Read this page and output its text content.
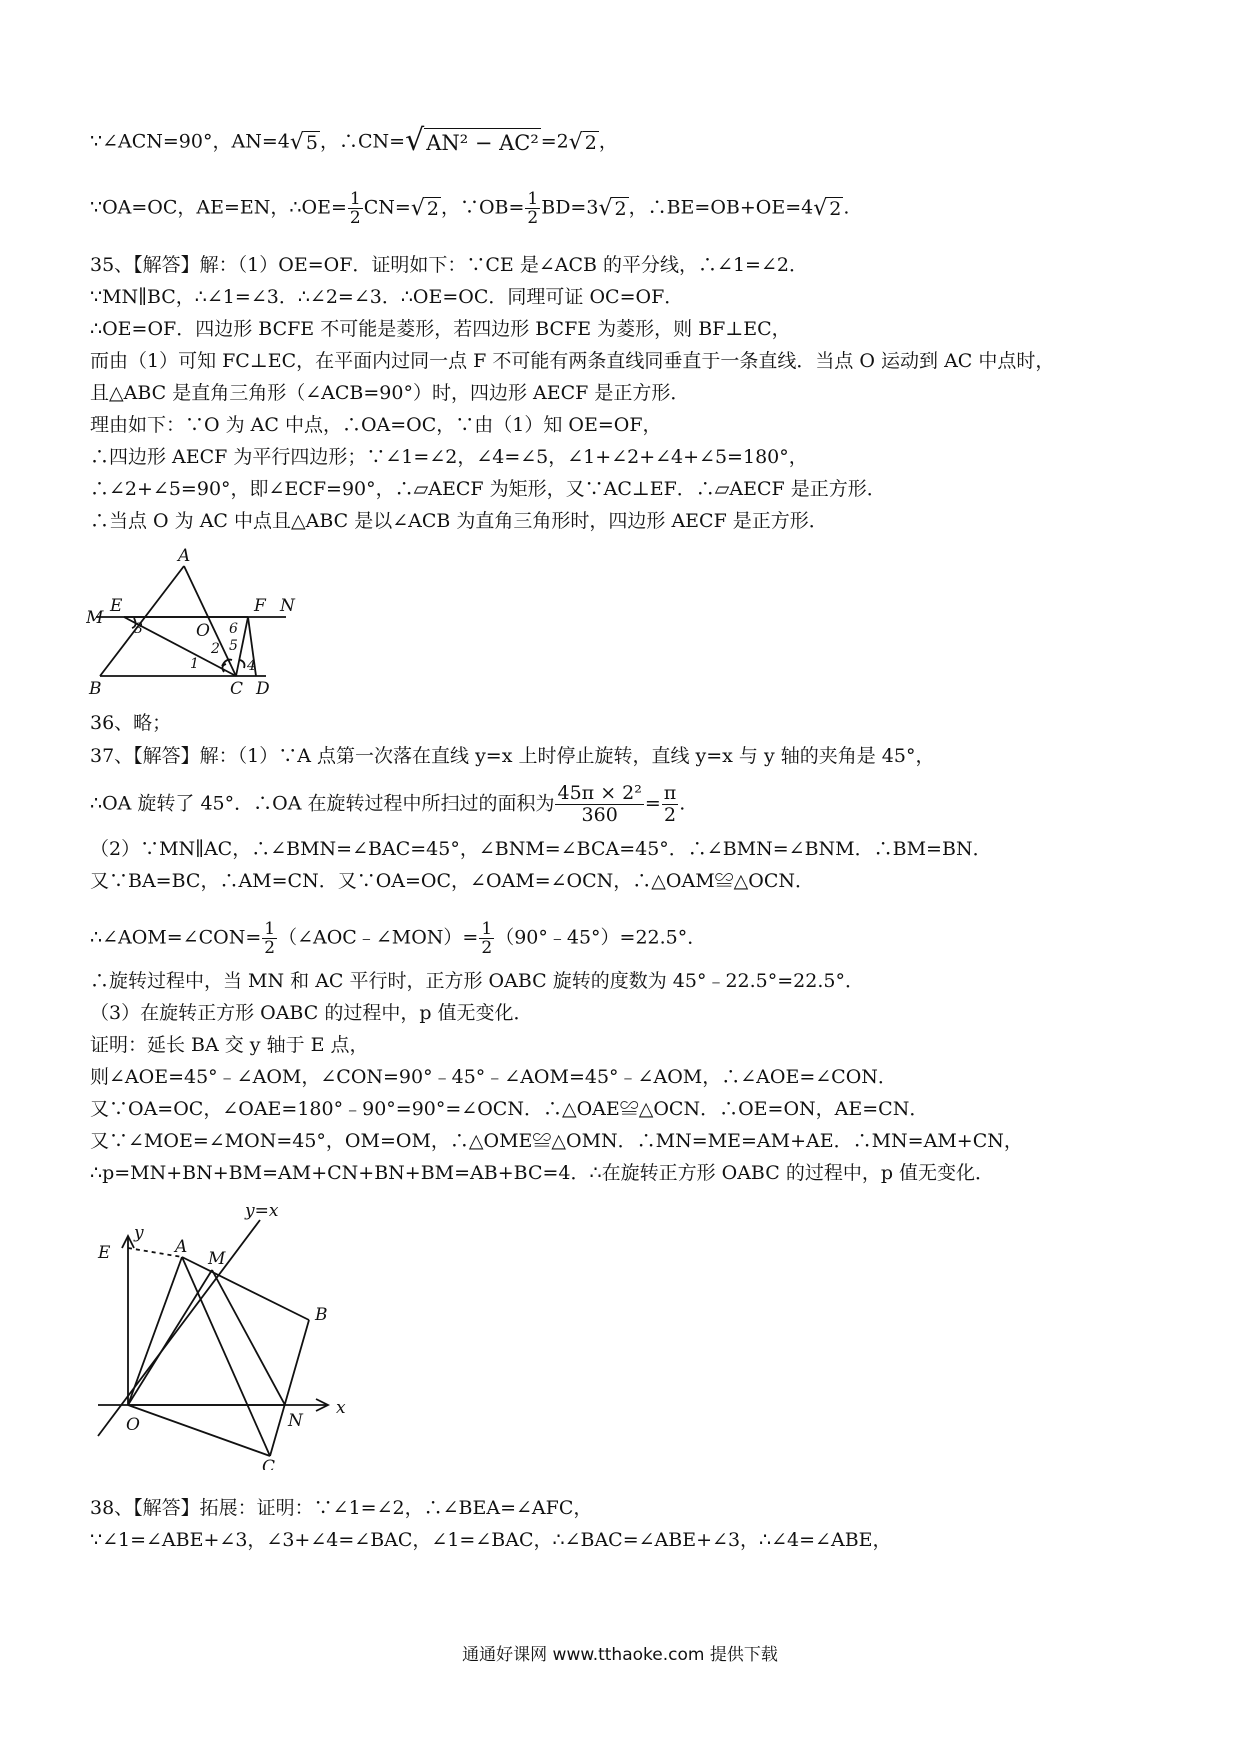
∵∠ACN=90°，AN=4√ 5 ，∴CN=√AN² − AC² =2√ 2 ，
∵OA=OC，AE=EN，∴OE= $\frac{1}{2} CN=√$ 2 ，∵OB= $\frac{1}{2} BD=3√$ 2 ，∴BE=OB+OE=4√ 2 .
35、【解答】解：（1）OE=OF．证明如下：∵CE 是∠ACB 的平分线，∴∠1=∠2．
∵MN∥BC，∴∠1=∠3．∴∠2=∠3．∴OE=OC．同理可证 OC=OF．
∴OE=OF．四边形 BCFE 不可能是菱形，若四边形 BCFE 为菱形，则 BF⊥EC，
而由（1）可知 FC⊥EC，在平面内过同一点 F 不可能有两条直线同垂直于一条直线．当点 O 运动到 AC 中点时，
且△ABC 是直角三角形（∠ACB=90°）时，四边形 AECF 是正方形．
理由如下：∵O 为 AC 中点，∴OA=OC，∵由（1）知 OE=OF，
∴四边形 AECF 为平行四边形；∵∠1=∠2，∠4=∠5，∠1+∠2+∠4+∠5=180°，
∴∠2+∠5=90°，即∠ECF=90°，∴▱AECF 为矩形，又∵AC⊥EF．∴▱AECF 是正方形．
∴当点 O 为 AC 中点且△ABC 是以∠ACB 为直角三角形时，四边形 AECF 是正方形．
A
M
E	F N
O
B	C D
1
2
3
4
5
6
36、略；
37、【解答】解：（1）∵A 点第一次落在直线 y=x 上时停止旋转，直线 y=x 与 y 轴的夹角是 45°，
∴OA 旋转了 45°．∴OA 在旋转过程中所扫过的面积为 $\frac{\text{45π × 2²}}{360} = \frac{\pi}{2}$ .
（2）∵MN∥AC，∴∠BMN=∠BAC=45°，∠BNM=∠BCA=45°．∴∠BMN=∠BNM．∴BM=BN．
又∵BA=BC，∴AM=CN．又∵OA=OC，∠OAM=∠OCN，∴△OAM≌△OCN．
∴∠AOM=∠CON= $\frac{1}{2}$ （∠AOC﹣∠MON）= $\frac{1}{2}$ （90°﹣45°）=22.5°．
∴旋转过程中，当 MN 和 AC 平行时，正方形 OABC 旋转的度数为 45°﹣22.5°=22.5°．
（3）在旋转正方形 OABC 的过程中，p 值无变化．
证明：延长 BA 交 y 轴于 E 点，
则∠AOE=45°﹣∠AOM，∠CON=90°﹣45°﹣∠AOM=45°﹣∠AOM，∴∠AOE=∠CON．
又∵OA=OC，∠OAE=180°﹣90°=90°=∠OCN．∴△OAE≌△OCN．∴OE=ON，AE=CN．
又∵∠MOE=∠MON=45°，OM=OM，∴△OME≌△OMN．∴MN=ME=AM+AE．∴MN=AM+CN，
∴p=MN+BN+BM=AM+CN+BN+BM=AB+BC=4．∴在旋转正方形 OABC 的过程中，p 值无变化．
y
y=x
E	A
M
B
x
O	N
C
38、【解答】拓展：证明：∵∠1=∠2，∴∠BEA=∠AFC，
∵∠1=∠ABE+∠3，∠3+∠4=∠BAC，∠1=∠BAC，∴∠BAC=∠ABE+∠3，∴∠4=∠ABE，
通通好课网 www.tthaoke.com 提供下载
